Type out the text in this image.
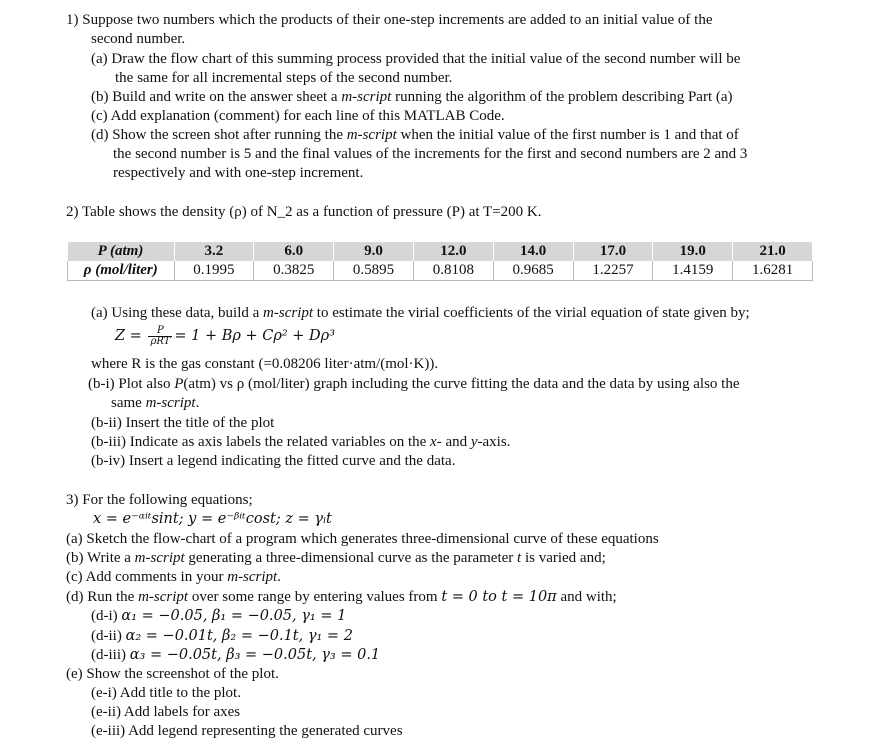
1) Suppose two numbers which the products of their one-step increments are added to an initial value of the
second number.
(a) Draw the flow chart of this summing process provided that the initial value of the second number will be
the same for all incremental steps of the second number.
(b) Build and write on the answer sheet a m-script running the algorithm of the problem describing Part (a)
(c) Add explanation (comment) for each line of this MATLAB Code.
(d) Show the screen shot after running the m-script when the initial value of the first number is 1 and that of
the second number is 5 and the final values of the increments for the first and second numbers are 2 and 3
respectively and with one-step increment.
2) Table shows the density (ρ) of N_2 as a function of pressure (P) at T=200 K.
P (atm)	3.2	6.0	9.0	12.0	14.0	17.0	19.0	21.0
ρ (mol/liter)	0.1995	0.3825	0.5895	0.8108	0.9685	1.2257	1.4159	1.6281
(a) Using these data, build a m-script to estimate the virial coefficients of the virial equation of state given by;
$Z = \frac{P}{\text{ρRT}} = 1 + B\rho + C\rho^2 + D\rho^3$
where R is the gas constant (=0.08206 liter·atm/(mol·K)).
(b-i) Plot also P(atm) vs ρ (mol/liter) graph including the curve fitting the data and the data by using also the
same m-script.
(b-ii) Insert the title of the plot
(b-iii) Indicate as axis labels the related variables on the x- and y-axis.
(b-iv) Insert a legend indicating the fitted curve and the data.
3) For the following equations;
x = e⁻ᵅⁱᵗsint; y = e⁻ᵝⁱᵗcost; z = γᵢt
(a) Sketch the flow-chart of a program which generates three-dimensional curve of these equations
(b) Write a m-script generating a three-dimensional curve as the parameter t is varied and;
(c) Add comments in your m-script.
(d) Run the m-script over some range by entering values from t = 0 to t = 10π and with;
(d-i) α₁ = −0.05, β₁ = −0.05, γ₁ = 1
(d-ii) α₂ = −0.01t, β₂ = −0.1t, γ₁ = 2
(d-iii) α₃ = −0.05t, β₃ = −0.05t, γ₃ = 0.1
(e) Show the screenshot of the plot.
(e-i) Add title to the plot.
(e-ii) Add labels for axes
(e-iii) Add legend representing the generated curves
